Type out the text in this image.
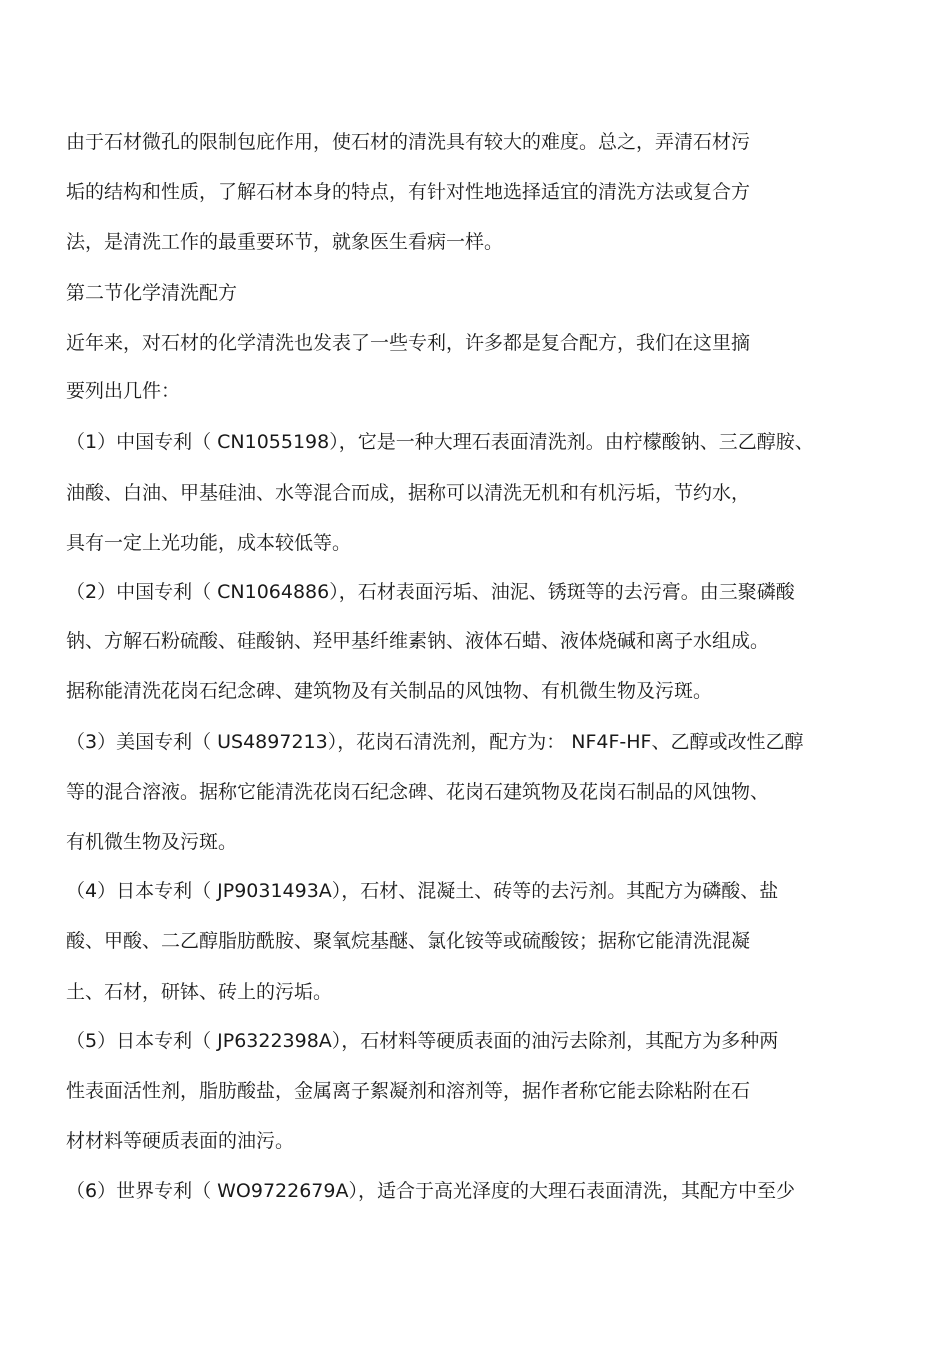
由于石材微孔的限制包庇作用，使石材的清洗具有较大的难度。总之，弄清石材污
垢的结构和性质，了解石材本身的特点，有针对性地选择适宜的清洗方法或复合方
法，是清洗工作的最重要环节，就象医生看病一样。
第二节化学清洗配方
近年来，对石材的化学清洗也发表了一些专利，许多都是复合配方，我们在这里摘
要列出几件：
（1）中国专利（ CN1055198），它是一种大理石表面清洗剂。由柠檬酸钠、三乙醇胺、
油酸、白油、甲基硅油、水等混合而成，据称可以清洗无机和有机污垢，节约水，
具有一定上光功能，成本较低等。
（2）中国专利（ CN1064886），石材表面污垢、油泥、锈斑等的去污膏。由三聚磷酸
钠、方解石粉硫酸、硅酸钠、羟甲基纤维素钠、液体石蜡、液体烧碱和离子水组成。
据称能清洗花岗石纪念碑、建筑物及有关制品的风蚀物、有机微生物及污斑。
（3）美国专利（ US4897213），花岗石清洗剂，配方为： NF4F-HF、乙醇或改性乙醇
等的混合溶液。据称它能清洗花岗石纪念碑、花岗石建筑物及花岗石制品的风蚀物、
有机微生物及污斑。
（4）日本专利（ JP9031493A），石材、混凝土、砖等的去污剂。其配方为磷酸、盐
酸、甲酸、二乙醇脂肪酰胺、聚氧烷基醚、氯化铵等或硫酸铵；据称它能清洗混凝
土、石材，研钵、砖上的污垢。
（5）日本专利（ JP6322398A），石材料等硬质表面的油污去除剂，其配方为多种两
性表面活性剂，脂肪酸盐，金属离子絮凝剂和溶剂等，据作者称它能去除粘附在石
材材料等硬质表面的油污。
（6）世界专利（ WO9722679A），适合于高光泽度的大理石表面清洗，其配方中至少
